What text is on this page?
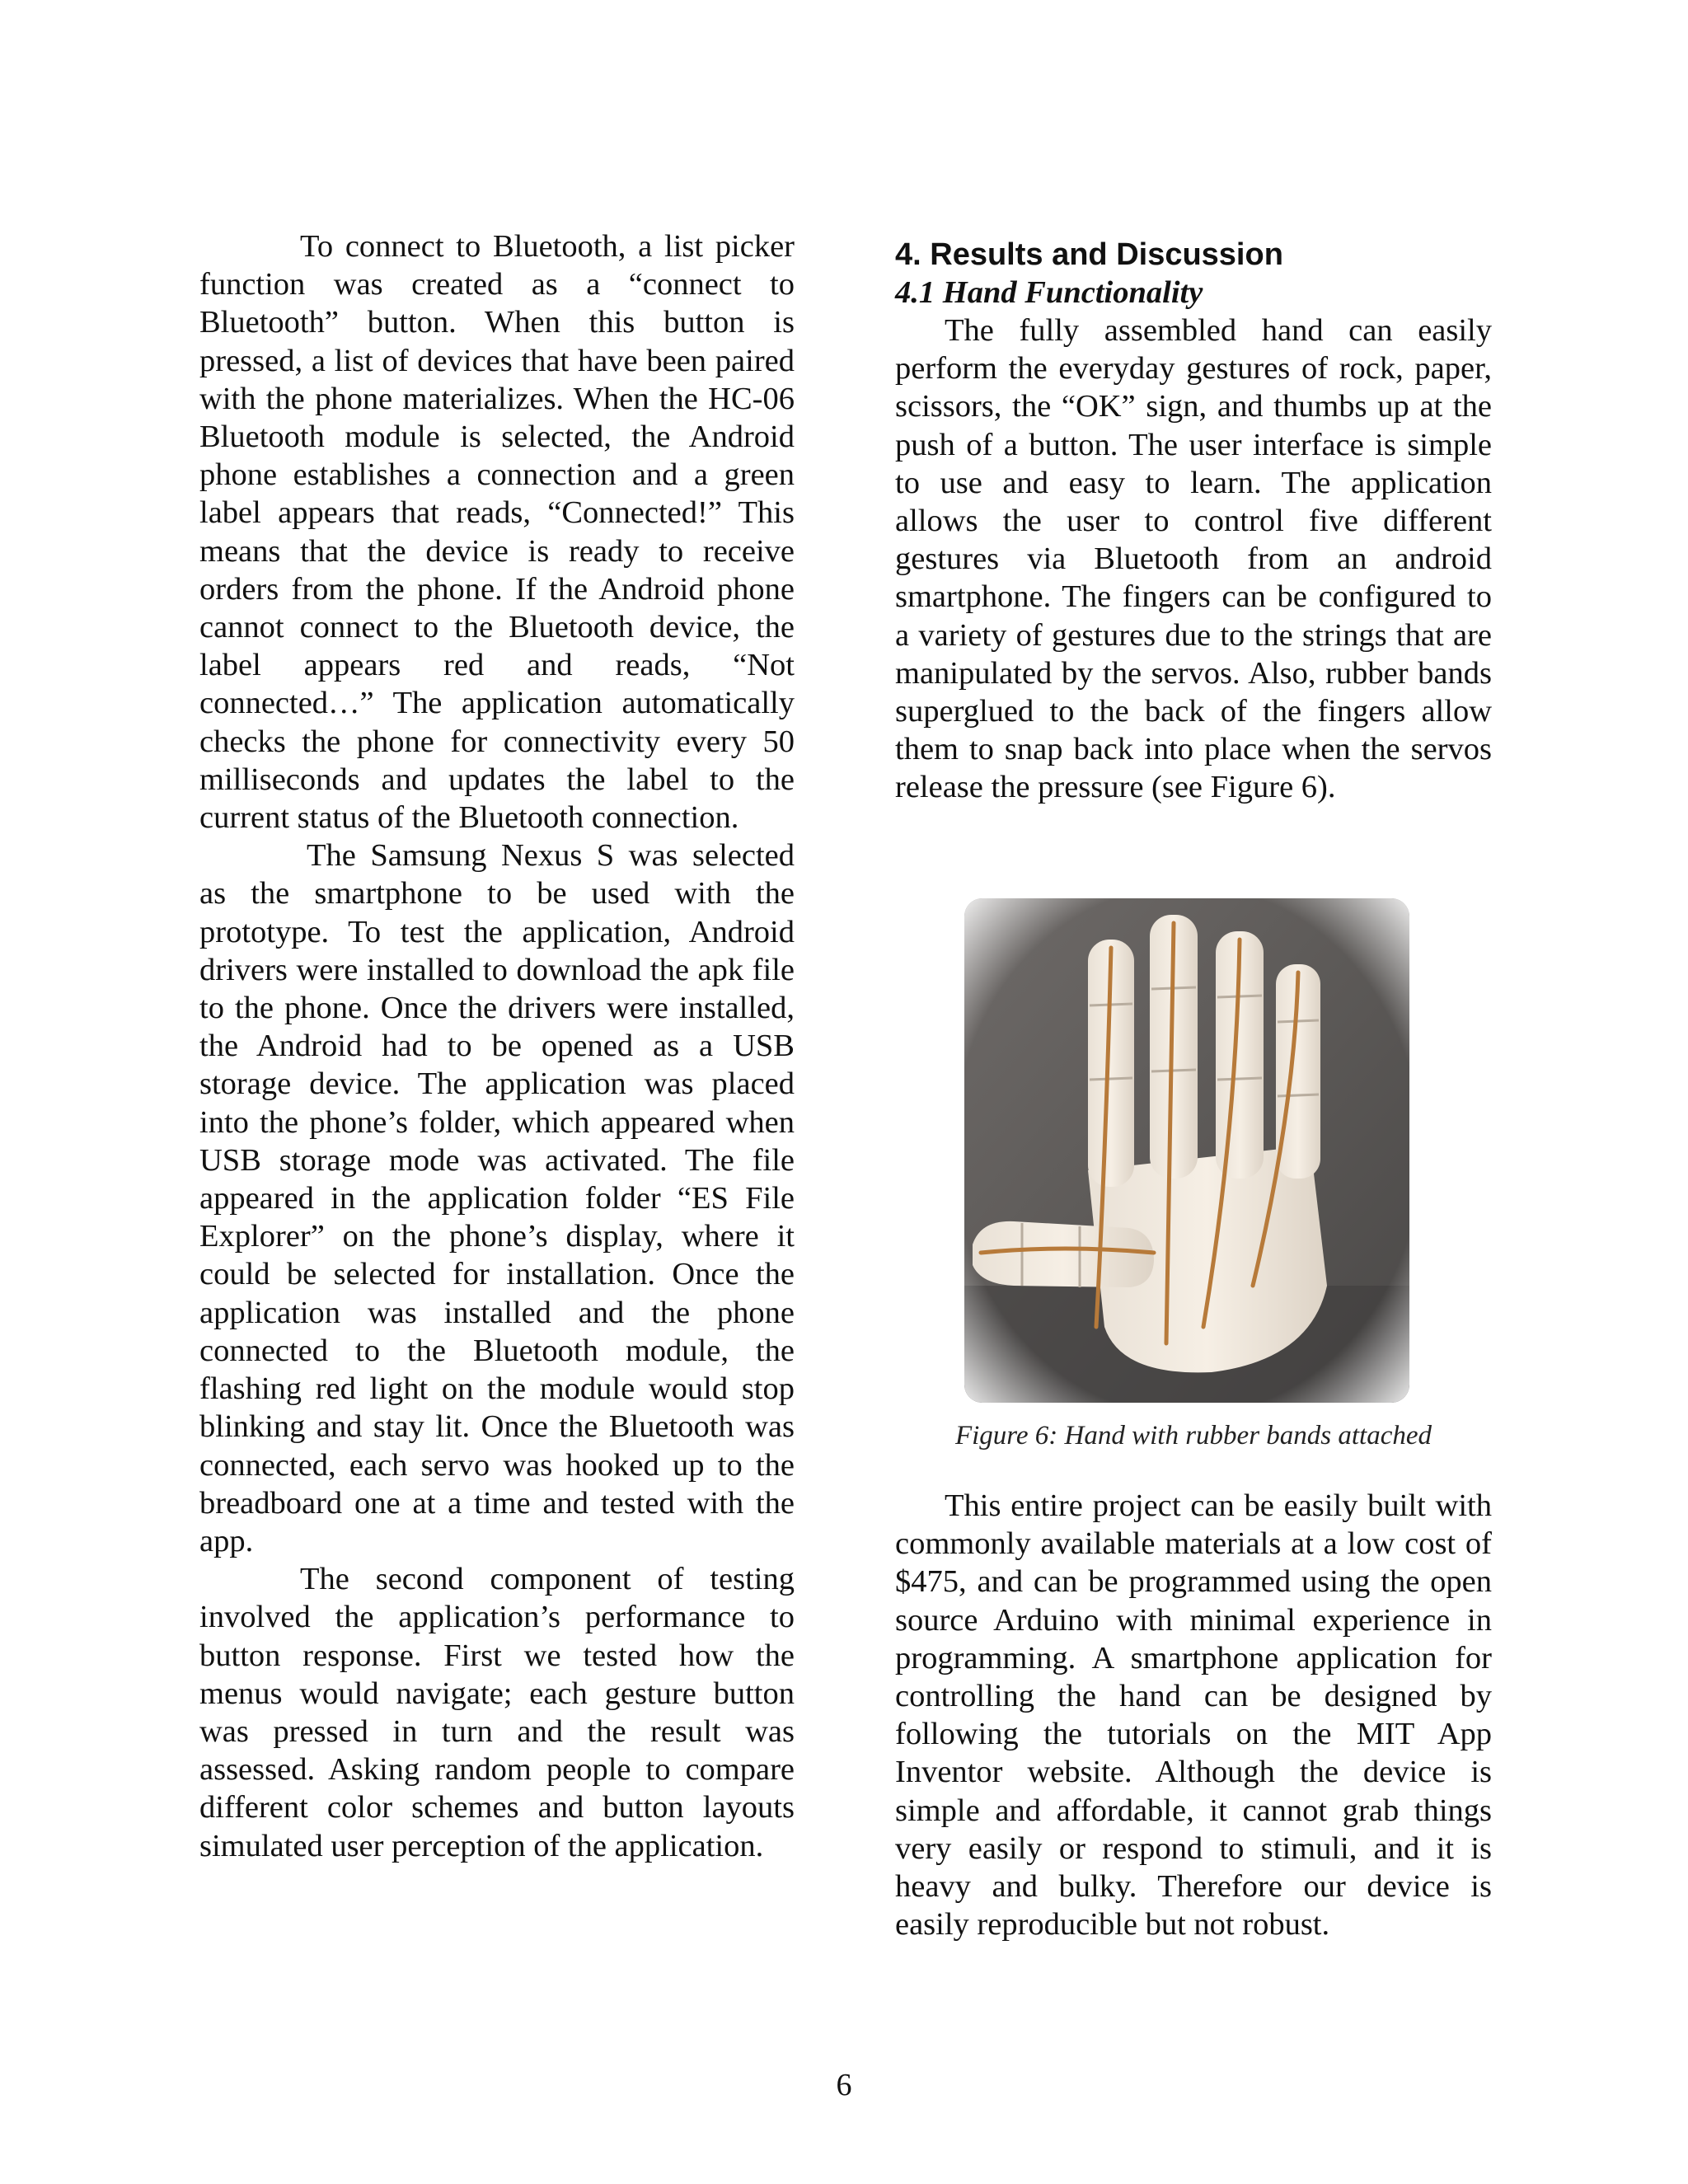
To connect to Bluetooth, a list picker function was created as a “connect to Bluetooth” button. When this button is pressed, a list of devices that have been paired with the phone materializes. When the HC-06 Bluetooth module is selected, the Android phone establishes a connection and a green label appears that reads, “Connected!” This means that the device is ready to receive orders from the phone. If the Android phone cannot connect to the Bluetooth device, the label appears red and reads, “Not connected…” The application automatically checks the phone for connectivity every 50 milliseconds and updates the label to the current status of the Bluetooth connection.

The Samsung Nexus S was selected as the smartphone to be used with the prototype. To test the application, Android drivers were installed to download the apk file to the phone. Once the drivers were installed, the Android had to be opened as a USB storage device. The application was placed into the phone’s folder, which appeared when USB storage mode was activated. The file appeared in the application folder “ES File Explorer” on the phone’s display, where it could be selected for installation. Once the application was installed and the phone connected to the Bluetooth module, the flashing red light on the module would stop blinking and stay lit. Once the Bluetooth was connected, each servo was hooked up to the breadboard one at a time and tested with the app.

The second component of testing involved the application’s performance to button response. First we tested how the menus would navigate; each gesture button was pressed in turn and the result was assessed. Asking random people to compare different color schemes and button layouts simulated user perception of the application.

4. Results and Discussion
4.1 Hand Functionality

The fully assembled hand can easily perform the everyday gestures of rock, paper, scissors, the “OK” sign, and thumbs up at the push of a button. The user interface is simple to use and easy to learn. The application allows the user to control five different gestures via Bluetooth from an android smartphone. The fingers can be configured to a variety of gestures due to the strings that are manipulated by the servos. Also, rubber bands superglued to the back of the fingers allow them to snap back into place when the servos release the pressure (see Figure 6).

Figure 6: Hand with rubber bands attached

This entire project can be easily built with commonly available materials at a low cost of $475, and can be programmed using the open source Arduino with minimal experience in programming. A smartphone application for controlling the hand can be designed by following the tutorials on the MIT App Inventor website. Although the device is simple and affordable, it cannot grab things very easily or respond to stimuli, and it is heavy and bulky. Therefore our device is easily reproducible but not robust.

6
